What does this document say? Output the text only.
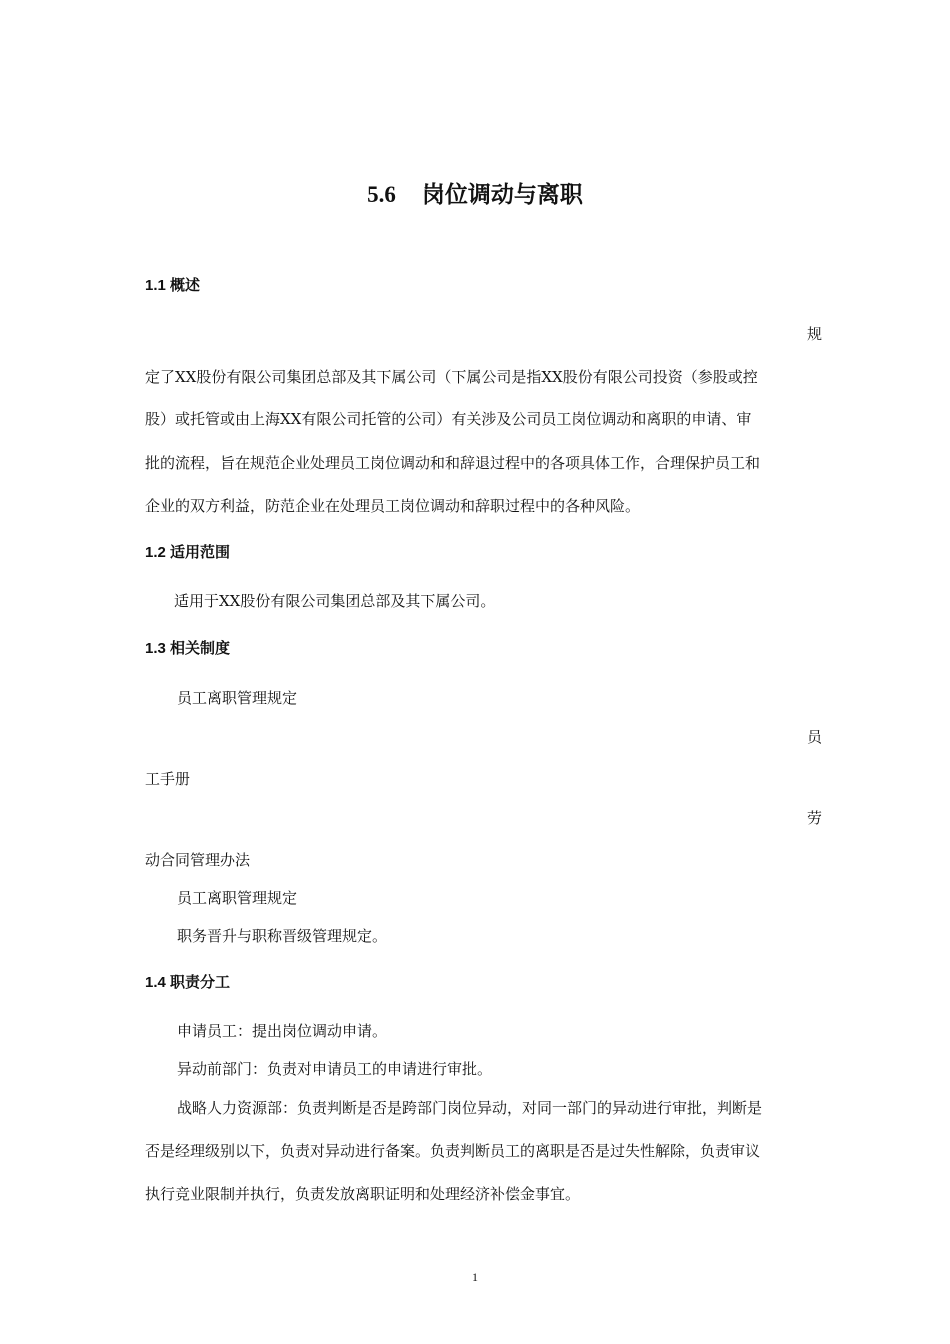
5.6 岗位调动与离职
1.1 概述
规
定了XX股份有限公司集团总部及其下属公司（下属公司是指XX股份有限公司投资（参股或控
股）或托管或由上海XX有限公司托管的公司）有关涉及公司员工岗位调动和离职的申请、审
批的流程，旨在规范企业处理员工岗位调动和和辞退过程中的各项具体工作，合理保护员工和
企业的双方利益，防范企业在处理员工岗位调动和辞职过程中的各种风险。
1.2 适用范围
适用于XX股份有限公司集团总部及其下属公司。
1.3 相关制度
员工离职管理规定
员
工手册
劳
动合同管理办法
员工离职管理规定
职务晋升与职称晋级管理规定。
1.4 职责分工
申请员工：提出岗位调动申请。
异动前部门：负责对申请员工的申请进行审批。
战略人力资源部：负责判断是否是跨部门岗位异动，对同一部门的异动进行审批，判断是
否是经理级别以下，负责对异动进行备案。负责判断员工的离职是否是过失性解除，负责审议
执行竞业限制并执行，负责发放离职证明和处理经济补偿金事宜。
1
